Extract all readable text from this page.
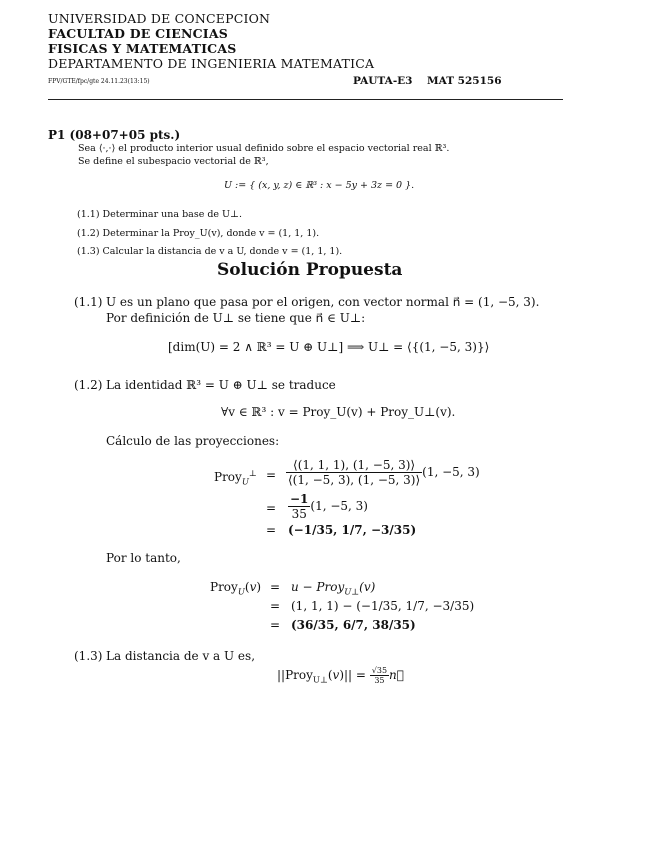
UNIVERSIDAD DE CONCEPCION
FACULTAD DE CIENCIAS
FISICAS Y MATEMATICAS
DEPARTAMENTO DE INGENIERIA MATEMATICA
FPV/GTE/fpc/gte 24.11.23(13:15)	PAUTA-E3 MAT 525156
P1 (08+07+05 pts.)
Sea ⟨·,·⟩ el producto interior usual definido sobre el espacio vectorial real ℝ³.
Se define el subespacio vectorial de ℝ³,
U := { (x, y, z) ∈ ℝ³ : x − 5y + 3z = 0 }.
(1.1) Determinar una base de U⊥.
(1.2) Determinar la Proy_U(v), donde v = (1, 1, 1).
(1.3) Calcular la distancia de v a U, donde v = (1, 1, 1).
Solución Propuesta
(1.1) U es un plano que pasa por el origen, con vector normal n⃗ = (1, −5, 3).
Por definición de U⊥ se tiene que n⃗ ∈ U⊥:
[dim(U) = 2 ∧ ℝ³ = U ⊕ U⊥] ⟹ U⊥ = ⟨{(1, −5, 3)}⟩
(1.2) La identidad ℝ³ = U ⊕ U⊥ se traduce
∀v ∈ ℝ³ : v = Proy_U(v) + Proy_U⊥(v).
Cálculo de las proyecciones:
Proy$_U$⊥ = $\frac{⟨(1, 1, 1), (1, -5, 3)⟩}{⟨(1, -5, 3), (1, -5, 3)⟩} (1$, −5, 3)
= $\frac{-1}{35} (1$, −5, 3)
= (−1/35, 1/7, −3/35)
Por lo tanto,
Proy$_U$(v) = u − Proy$_{U\perp}$(v)
= (1, 1, 1) − (−1/35, 1/7, −3/35)
= (36/35, 6/7, 38/35)
(1.3) La distancia de v a U es,
||Proy$_{U\perp}$(v)|| = $\frac{√35}{35}$ n⃗
